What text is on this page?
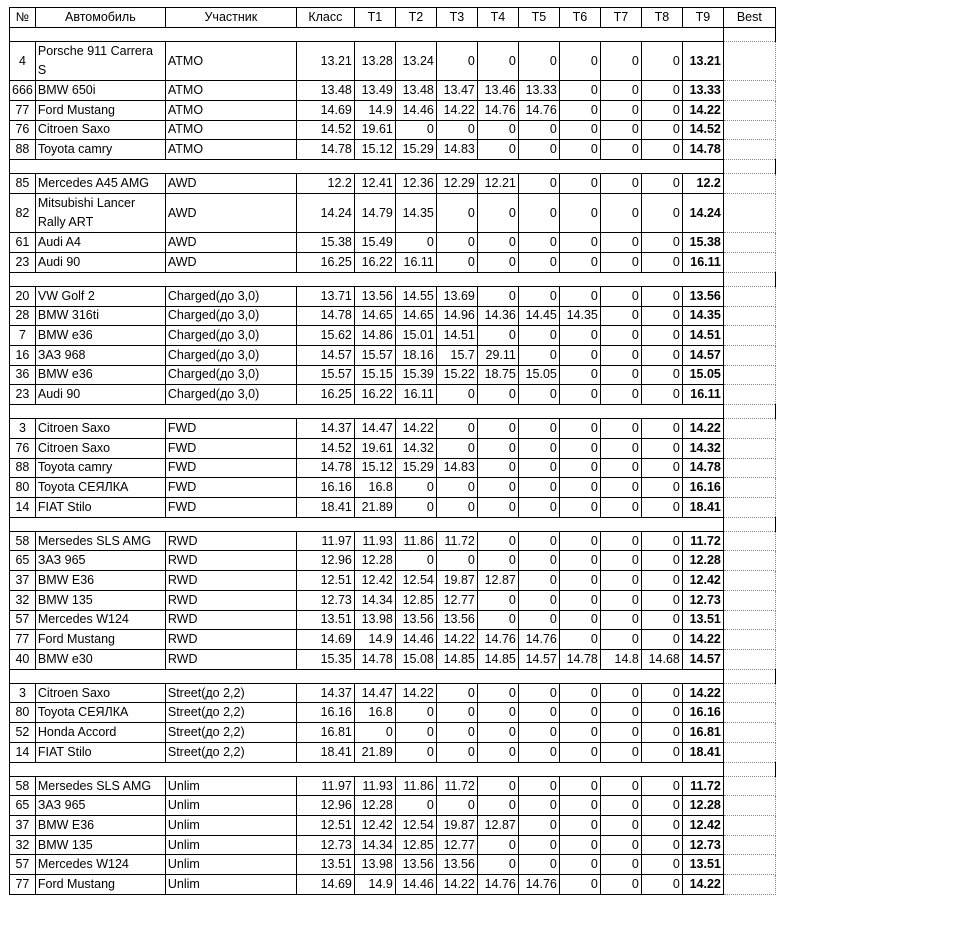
№	Автомобиль	Участник	Класс	T1	T2	T3	T4	T5	T6	T7	T8	T9	Best

4	Porsche 911 Carrera S	ATMO	13.21	13.28	13.24	0	0	0	0	0	0	13.21	
666	BMW 650i	ATMO	13.48	13.49	13.48	13.47	13.46	13.33	0	0	0	13.33	
77	Ford Mustang	ATMO	14.69	14.9	14.46	14.22	14.76	14.76	0	0	0	14.22	
76	Citroen Saxo	ATMO	14.52	19.61	0	0	0	0	0	0	0	14.52	
88	Toyota camry	ATMO	14.78	15.12	15.29	14.83	0	0	0	0	0	14.78	

85	Mercedes A45 AMG	AWD	12.2	12.41	12.36	12.29	12.21	0	0	0	0	12.2	
82	Mitsubishi Lancer Rally ART	AWD	14.24	14.79	14.35	0	0	0	0	0	0	14.24	
61	Audi A4	AWD	15.38	15.49	0	0	0	0	0	0	0	15.38	
23	Audi 90	AWD	16.25	16.22	16.11	0	0	0	0	0	0	16.11	

20	VW Golf 2	Charged(до 3,0)	13.71	13.56	14.55	13.69	0	0	0	0	0	13.56	
28	BMW 316ti	Charged(до 3,0)	14.78	14.65	14.65	14.96	14.36	14.45	14.35	0	0	14.35	
7	BMW e36	Charged(до 3,0)	15.62	14.86	15.01	14.51	0	0	0	0	0	14.51	
16	ЗАЗ 968	Charged(до 3,0)	14.57	15.57	18.16	15.7	29.11	0	0	0	0	14.57	
36	BMW e36	Charged(до 3,0)	15.57	15.15	15.39	15.22	18.75	15.05	0	0	0	15.05	
23	Audi 90	Charged(до 3,0)	16.25	16.22	16.11	0	0	0	0	0	0	16.11	

3	Citroen Saxo	FWD	14.37	14.47	14.22	0	0	0	0	0	0	14.22	
76	Citroen Saxo	FWD	14.52	19.61	14.32	0	0	0	0	0	0	14.32	
88	Toyota camry	FWD	14.78	15.12	15.29	14.83	0	0	0	0	0	14.78	
80	Toyota СЕЯЛКА	FWD	16.16	16.8	0	0	0	0	0	0	0	16.16	
14	FIAT Stilo	FWD	18.41	21.89	0	0	0	0	0	0	0	18.41	

58	Mersedes SLS AMG	RWD	11.97	11.93	11.86	11.72	0	0	0	0	0	11.72	
65	ЗАЗ 965	RWD	12.96	12.28	0	0	0	0	0	0	0	12.28	
37	BMW E36	RWD	12.51	12.42	12.54	19.87	12.87	0	0	0	0	12.42	
32	BMW 135	RWD	12.73	14.34	12.85	12.77	0	0	0	0	0	12.73	
57	Mercedes W124	RWD	13.51	13.98	13.56	13.56	0	0	0	0	0	13.51	
77	Ford Mustang	RWD	14.69	14.9	14.46	14.22	14.76	14.76	0	0	0	14.22	
40	BMW e30	RWD	15.35	14.78	15.08	14.85	14.85	14.57	14.78	14.8	14.68	14.57	

3	Citroen Saxo	Street(до 2,2)	14.37	14.47	14.22	0	0	0	0	0	0	14.22	
80	Toyota СЕЯЛКА	Street(до 2,2)	16.16	16.8	0	0	0	0	0	0	0	16.16	
52	Honda Accord	Street(до 2,2)	16.81	0	0	0	0	0	0	0	0	16.81	
14	FIAT Stilo	Street(до 2,2)	18.41	21.89	0	0	0	0	0	0	0	18.41	

58	Mersedes SLS AMG	Unlim	11.97	11.93	11.86	11.72	0	0	0	0	0	11.72	
65	ЗАЗ 965	Unlim	12.96	12.28	0	0	0	0	0	0	0	12.28	
37	BMW E36	Unlim	12.51	12.42	12.54	19.87	12.87	0	0	0	0	12.42	
32	BMW 135	Unlim	12.73	14.34	12.85	12.77	0	0	0	0	0	12.73	
57	Mercedes W124	Unlim	13.51	13.98	13.56	13.56	0	0	0	0	0	13.51	
77	Ford Mustang	Unlim	14.69	14.9	14.46	14.22	14.76	14.76	0	0	0	14.22	
